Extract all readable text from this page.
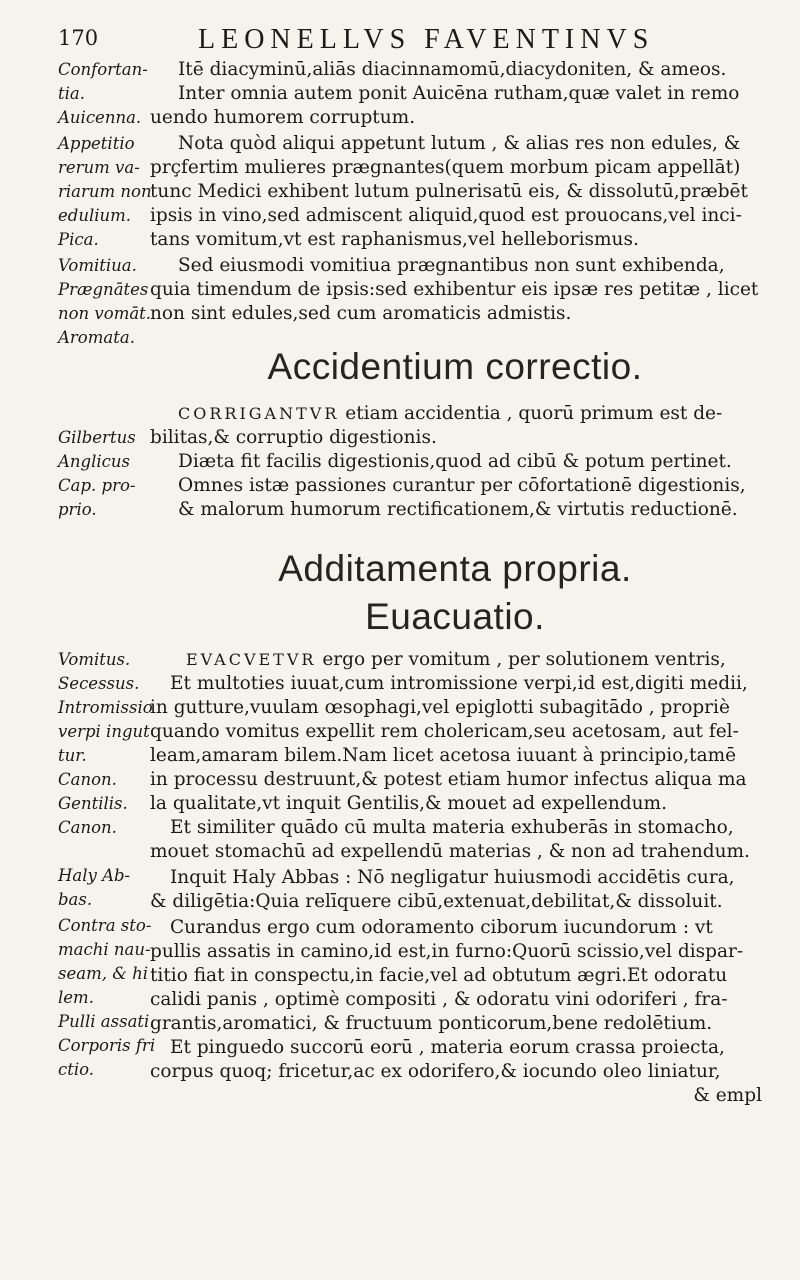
170	LEONELLVS FAVENTINVS
Confortan-
tia.
Auicenna.
Appetitio
rerum va-
riarum non
edulium.
Pica.
Vomitiua.
Prægnātes
non vomāt.
Aromata.
Gilbertus
Anglicus
Cap. pro-
prio.
Vomitus.
Secessus.
Intromissio
verpi ingut
tur.
Canon.
Gentilis.
Canon.
Haly Ab-
bas.
Contra sto-
machi nau-
seam, & hi
lem.
Pulli assati.
Corporis fri
ctio.
Itē diacyminū,aliās diacinnamomū,diacydoniten, & ameos.
Inter omnia autem ponit Auicēna rutham,quæ valet in remo
uendo humorem corruptum.
Nota quòd aliqui appetunt lutum , & alias res non edules, &
prçfertim mulieres prægnantes(quem morbum picam appellāt)
tunc Medici exhibent lutum pulnerisatū eis, & dissolutū,præbēt
ipsis in vino,sed admiscent aliquid,quod est prouocans,vel inci-
tans vomitum,vt est raphanismus,vel helleborismus.
Sed eiusmodi vomitiua prægnantibus non sunt exhibenda,
quia timendum de ipsis:sed exhibentur eis ipsæ res petitæ , licet
non sint edules,sed cum aromaticis admistis.
Accidentium correctio.
CORRIGANTVR etiam accidentia , quorū primum est de-
bilitas,& corruptio digestionis.
Diæta fit facilis digestionis,quod ad cibū & potum pertinet.
Omnes istæ passiones curantur per cōfortationē digestionis,
& malorum humorum rectificationem,& virtutis reductionē.
Additamenta propria.
Euacuatio.
EVACVETVR ergo per vomitum , per solutionem ventris,
Et multoties iuuat,cum intromissione verpi,id est,digiti medii,
in gutture,vuulam œsophagi,vel epiglotti subagitādo , propriè
quando vomitus expellit rem cholericam,seu acetosam, aut fel-
leam,amaram bilem.Nam licet acetosa iuuant à principio,tamē
in processu destruunt,& potest etiam humor infectus aliqua ma
la qualitate,vt inquit Gentilis,& mouet ad expellendum.
Et similiter quādo cū multa materia exhuberās in stomacho,
mouet stomachū ad expellendū materias , & non ad trahendum.
Inquit Haly Abbas : Nō negligatur huiusmodi accidētis cura,
& diligētia:Quia relīquere cibū,extenuat,debilitat,& dissoluit.
Curandus ergo cum odoramento ciborum iucundorum : vt
pullis assatis in camino,id est,in furno:Quorū scissio,vel dispar-
titio fiat in conspectu,in facie,vel ad obtutum ægri.Et odoratu
calidi panis , optimè compositi , & odoratu vini odoriferi , fra-
grantis,aromatici, & fructuum ponticorum,bene redolētium.
Et pinguedo succorū eorū , materia eorum crassa proiecta,
corpus quoq; fricetur,ac ex odorifero,& iocundo oleo liniatur,
& empl
